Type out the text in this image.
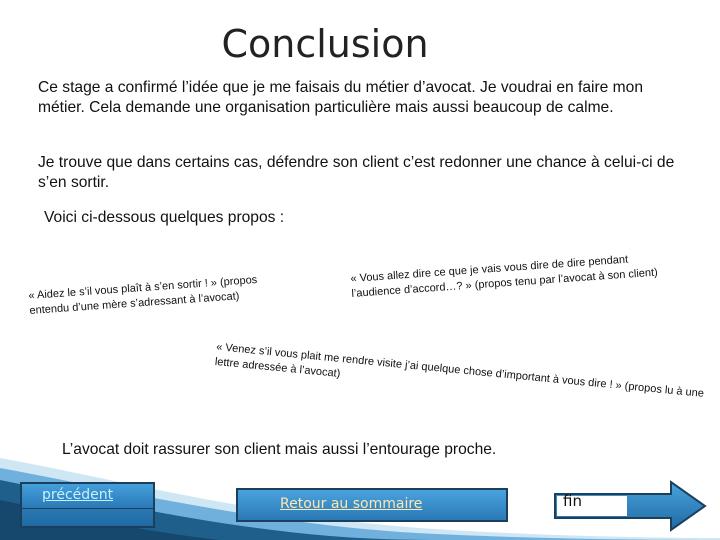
Conclusion
Ce stage a confirmé l’idée que je me faisais du métier d’avocat. Je voudrai en faire mon métier. Cela demande une organisation particulière mais aussi beaucoup de calme.
Je trouve que dans certains cas, défendre son client c’est redonner une chance à celui-ci de s’en sortir.
Voici ci-dessous quelques propos :
« Aidez le s’il vous plaît à s’en sortir ! » (propos entendu d’une mère s’adressant à l’avocat)
« Vous allez dire ce que je vais vous dire de dire pendant l’audience d’accord…? » (propos tenu par l’avocat à son client)
« Venez s’il vous plait me rendre visite j’ai quelque chose d’important à vous dire ! » (propos lu à une lettre adressée à l’avocat)
L’avocat doit rassurer son client mais aussi l’entourage proche.
précédent
Retour au sommaire	fin
